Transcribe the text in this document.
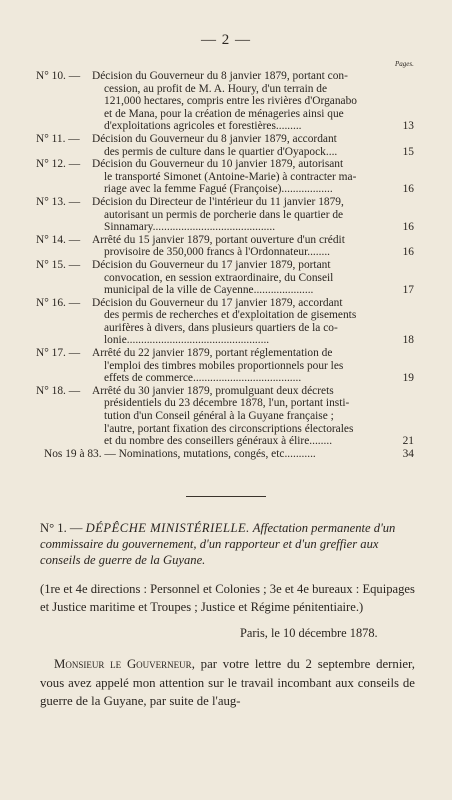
— 2 —
Pages.
N° 10. —	Décision du Gouverneur du 8 janvier 1879, portant con-
cession, au profit de M. A. Houry, d'un terrain de
121,000 hectares, compris entre les rivières d'Organabo
et de Mana, pour la création de ménageries ainsi que
d'exploitations agricoles et forestières.........	13
N° 11. —	Décision du Gouverneur du 8 janvier 1879, accordant
des permis de culture dans le quartier d'Oyapock....	15
N° 12. —	Décision du Gouverneur du 10 janvier 1879, autorisant
le transporté Simonet (Antoine-Marie) à contracter ma-
riage avec la femme Fagué (Françoise)..................	16
N° 13. —	Décision du Directeur de l'intérieur du 11 janvier 1879,
autorisant un permis de porcherie dans le quartier de
Sinnamary...........................................	16
N° 14. —	Arrêté du 15 janvier 1879, portant ouverture d'un crédit
provisoire de 350,000 francs à l'Ordonnateur........	16
N° 15. —	Décision du Gouverneur du 17 janvier 1879, portant
convocation, en session extraordinaire, du Conseil
municipal de la ville de Cayenne.....................	17
N° 16. —	Décision du Gouverneur du 17 janvier 1879, accordant
des permis de recherches et d'exploitation de gisements
aurifères à divers, dans plusieurs quartiers de la co-
lonie..................................................	18
N° 17. —	Arrêté du 22 janvier 1879, portant réglementation de
l'emploi des timbres mobiles proportionnels pour les
effets de commerce......................................	19
N° 18. —	Arrêté du 30 janvier 1879, promulguant deux décrets
présidentiels du 23 décembre 1878, l'un, portant insti-
tution d'un Conseil général à la Guyane française ;
l'autre, portant fixation des circonscriptions électorales
et du nombre des conseillers généraux à élire........	21
Nos 19 à 83. — Nominations, mutations, congés, etc...........	34
N° 1. — DÉPÊCHE MINISTÉRIELLE. Affectation permanente d'un commissaire du gouvernement, d'un rapporteur et d'un greffier aux conseils de guerre de la Guyane.
(1re et 4e directions : Personnel et Colonies ; 3e et 4e bureaux : Equipages et Justice maritime et Troupes ; Justice et Régime pénitentiaire.)
Paris, le 10 décembre 1878.
Monsieur le Gouverneur, par votre lettre du 2 septembre dernier, vous avez appelé mon attention sur le travail incombant aux conseils de guerre de la Guyane, par suite de l'aug-
